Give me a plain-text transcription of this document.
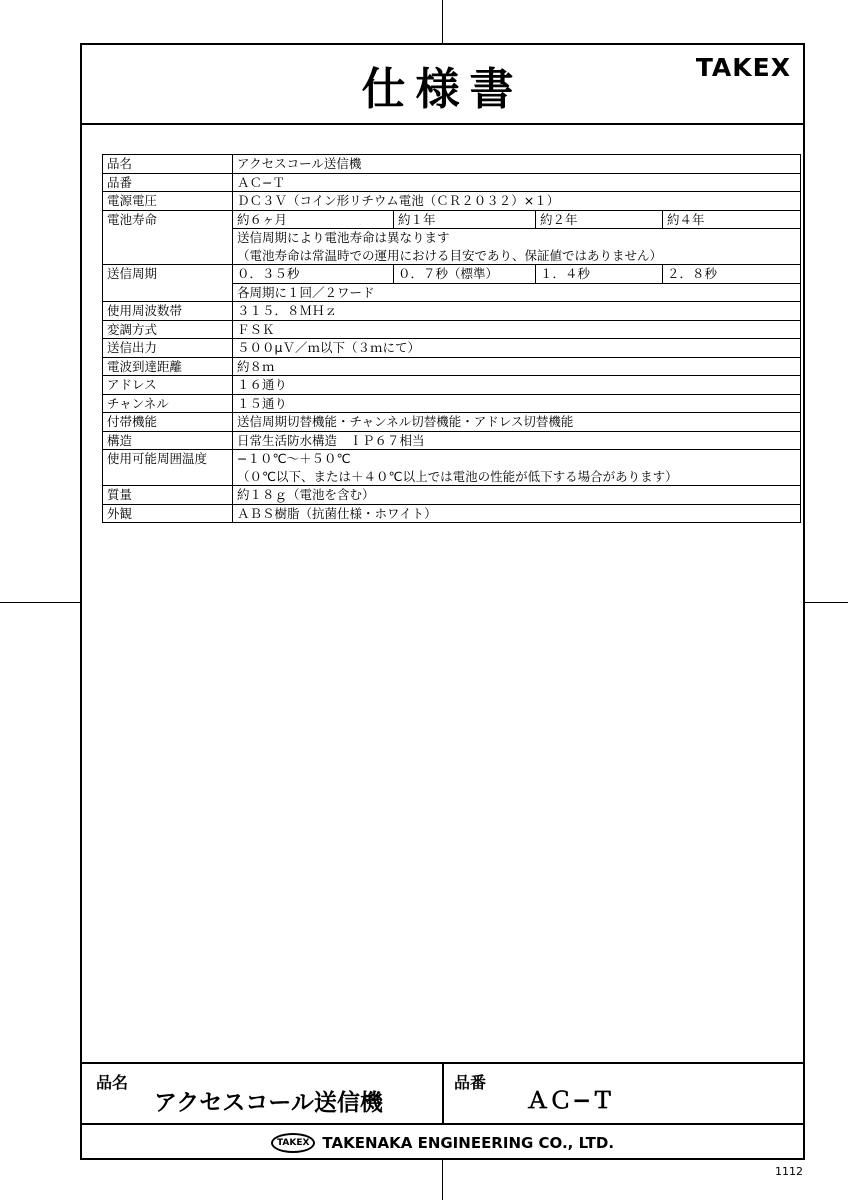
仕様書	TAKEX
品名	アクセスコール送信機			
品番	ＡＣ−Ｔ			
電源電圧	ＤＣ３Ｖ（コイン形リチウム電池（ＣＲ２０３２）×１）			
電池寿命	約６ヶ月	約１年	約２年	約４年
	送信周期により電池寿命は異なります			
	（電池寿命は常温時での運用における目安であり、保証値ではありません）			
送信周期	０．３５秒	０．７秒（標準）	１．４秒	２．８秒
	各周期に１回／２ワード			
使用周波数帯	３１５．８ＭＨｚ			
変調方式	ＦＳＫ			
送信出力	５００μＶ／ｍ以下（３ｍにて）			
電波到達距離	約８ｍ			
アドレス	１６通り			
チャンネル	１５通り			
付帯機能	送信周期切替機能・チャンネル切替機能・アドレス切替機能			
構造	日常生活防水構造　ＩＰ６７相当			
使用可能周囲温度	−１０℃〜＋５０℃			
	（０℃以下、または＋４０℃以上では電池の性能が低下する場合があります）			
質量	約１８ｇ（電池を含む）			
外観	ＡＢＳ樹脂（抗菌仕様・ホワイト）			
品名
アクセスコール送信機
品番
ＡＣ−Ｔ
TAKEX TAKENAKA ENGINEERING CO., LTD.
1112
